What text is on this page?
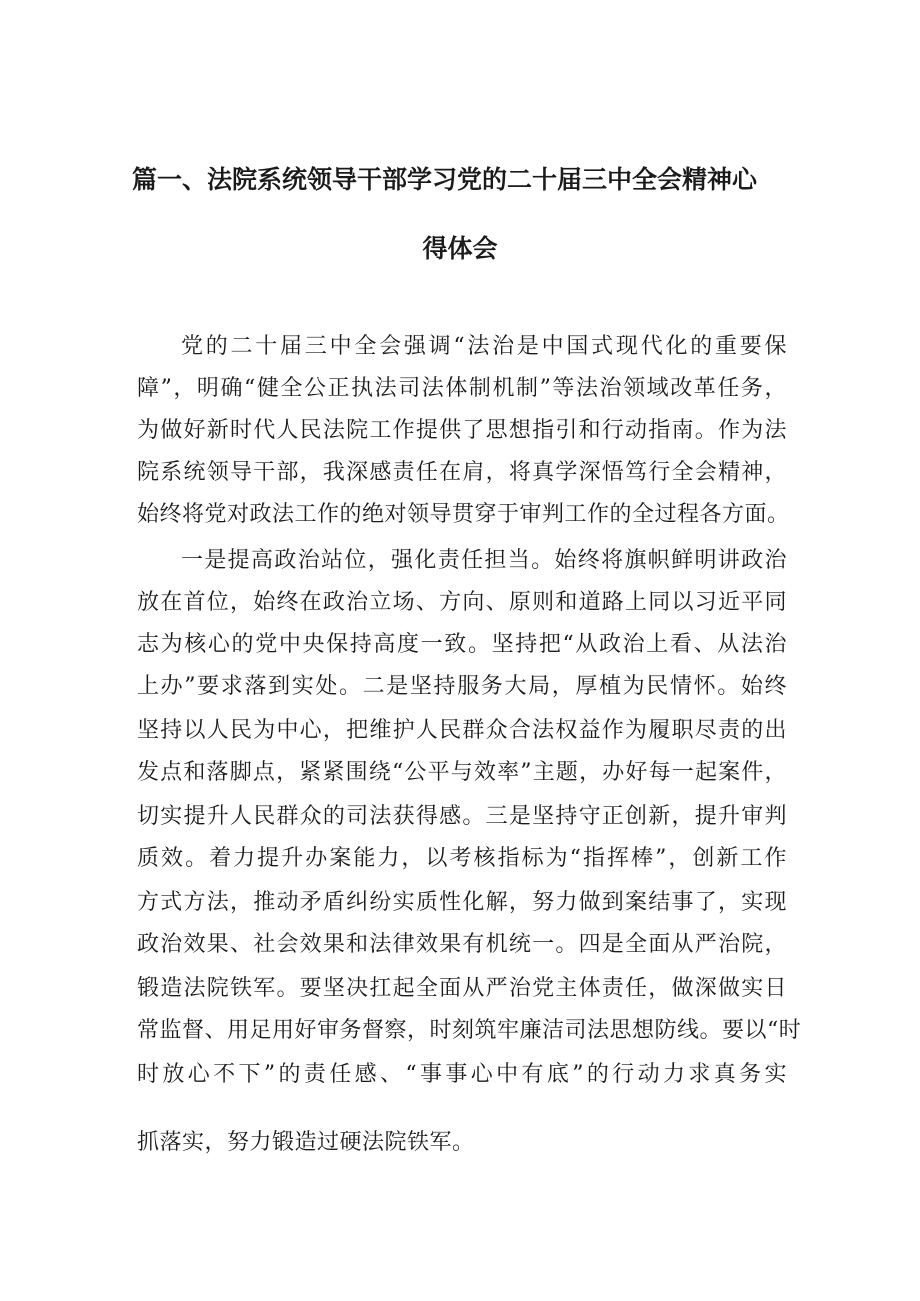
篇一、法院系统领导干部学习党的二十届三中全会精神心
得体会
党的二十届三中全会强调“法治是中国式现代化的重要保
障”，明确“健全公正执法司法体制机制”等法治领域改革任务，
为做好新时代人民法院工作提供了思想指引和行动指南。作为法
院系统领导干部，我深感责任在肩，将真学深悟笃行全会精神，
始终将党对政法工作的绝对领导贯穿于审判工作的全过程各方面。
一是提高政治站位，强化责任担当。始终将旗帜鲜明讲政治
放在首位，始终在政治立场、方向、原则和道路上同以习近平同
志为核心的党中央保持高度一致。坚持把“从政治上看、从法治
上办”要求落到实处。二是坚持服务大局，厚植为民情怀。始终
坚持以人民为中心，把维护人民群众合法权益作为履职尽责的出
发点和落脚点，紧紧围绕“公平与效率”主题，办好每一起案件，
切实提升人民群众的司法获得感。三是坚持守正创新，提升审判
质效。着力提升办案能力，以考核指标为“指挥棒”，创新工作
方式方法，推动矛盾纠纷实质性化解，努力做到案结事了，实现
政治效果、社会效果和法律效果有机统一。四是全面从严治院，
锻造法院铁军。要坚决扛起全面从严治党主体责任，做深做实日
常监督、用足用好审务督察，时刻筑牢廉洁司法思想防线。要以“时
时放心不下”的责任感、“事事心中有底”的行动力求真务实
抓落实，努力锻造过硬法院铁军。
